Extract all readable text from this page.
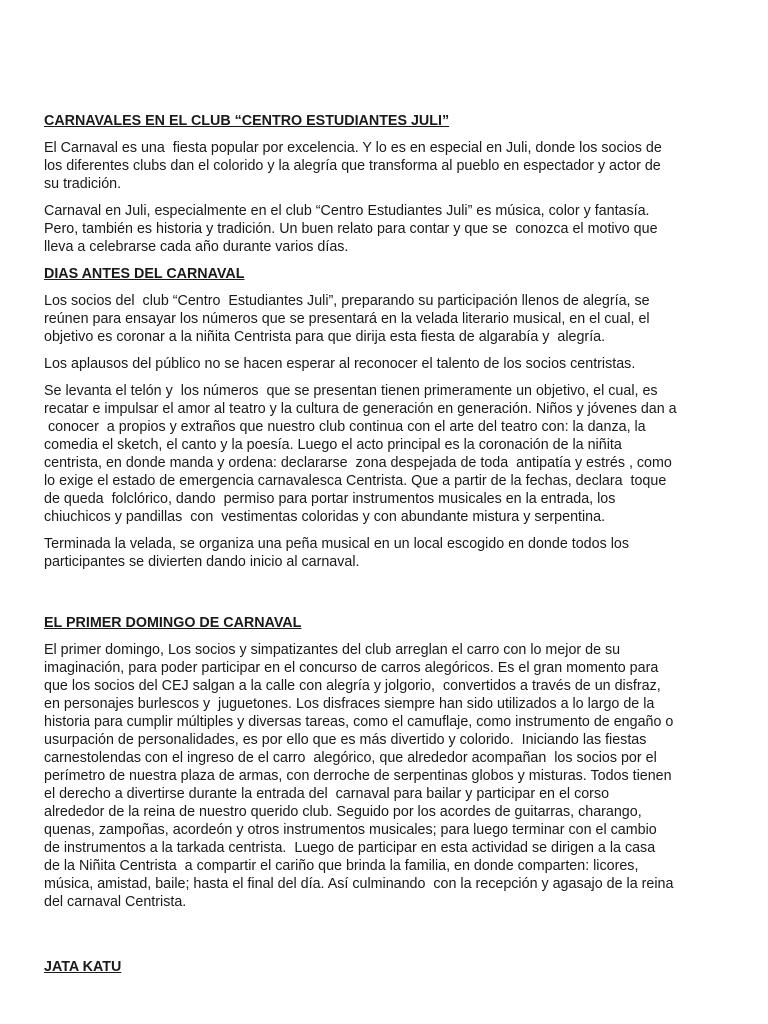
CARNAVALES EN EL CLUB “CENTRO ESTUDIANTES JULI”
El Carnaval es una  fiesta popular por excelencia. Y lo es en especial en Juli, donde los socios de
los diferentes clubs dan el colorido y la alegría que transforma al pueblo en espectador y actor de
su tradición.
Carnaval en Juli, especialmente en el club “Centro Estudiantes Juli” es música, color y fantasía.
Pero, también es historia y tradición. Un buen relato para contar y que se  conozca el motivo que
lleva a celebrarse cada año durante varios días.
DIAS ANTES DEL CARNAVAL
Los socios del  club “Centro  Estudiantes Juli”, preparando su participación llenos de alegría, se
reúnen para ensayar los números que se presentará en la velada literario musical, en el cual, el
objetivo es coronar a la niñita Centrista para que dirija esta fiesta de algarabía y  alegría.
Los aplausos del público no se hacen esperar al reconocer el talento de los socios centristas.
Se levanta el telón y  los números  que se presentan tienen primeramente un objetivo, el cual, es
recatar e impulsar el amor al teatro y la cultura de generación en generación. Niños y jóvenes dan a
conocer  a propios y extraños que nuestro club continua con el arte del teatro con: la danza, la
comedia el sketch, el canto y la poesía. Luego el acto principal es la coronación de la niñita
centrista, en donde manda y ordena: declararse  zona despejada de toda  antipatía y estrés , como
lo exige el estado de emergencia carnavalesca Centrista. Que a partir de la fechas, declara  toque
de queda  folclórico, dando  permiso para portar instrumentos musicales en la entrada, los
chiuchicos y pandillas  con  vestimentas coloridas y con abundante mistura y serpentina.
Terminada la velada, se organiza una peña musical en un local escogido en donde todos los
participantes se divierten dando inicio al carnaval.
EL PRIMER DOMINGO DE CARNAVAL
El primer domingo, Los socios y simpatizantes del club arreglan el carro con lo mejor de su
imaginación, para poder participar en el concurso de carros alegóricos. Es el gran momento para
que los socios del CEJ salgan a la calle con alegría y jolgorio,  convertidos a través de un disfraz,
en personajes burlescos y  juguetones. Los disfraces siempre han sido utilizados a lo largo de la
historia para cumplir múltiples y diversas tareas, como el camuflaje, como instrumento de engaño o
usurpación de personalidades, es por ello que es más divertido y colorido.  Iniciando las fiestas
carnestolendas con el ingreso de el carro  alegórico, que alrededor acompañan  los socios por el
perímetro de nuestra plaza de armas, con derroche de serpentinas globos y misturas. Todos tienen
el derecho a divertirse durante la entrada del  carnaval para bailar y participar en el corso
alrededor de la reina de nuestro querido club. Seguido por los acordes de guitarras, charango,
quenas, zampoñas, acordeón y otros instrumentos musicales; para luego terminar con el cambio
de instrumentos a la tarkada centrista.  Luego de participar en esta actividad se dirigen a la casa
de la Niñita Centrista  a compartir el cariño que brinda la familia, en donde comparten: licores,
música, amistad, baile; hasta el final del día. Así culminando  con la recepción y agasajo de la reina
del carnaval Centrista.
JATA KATU
